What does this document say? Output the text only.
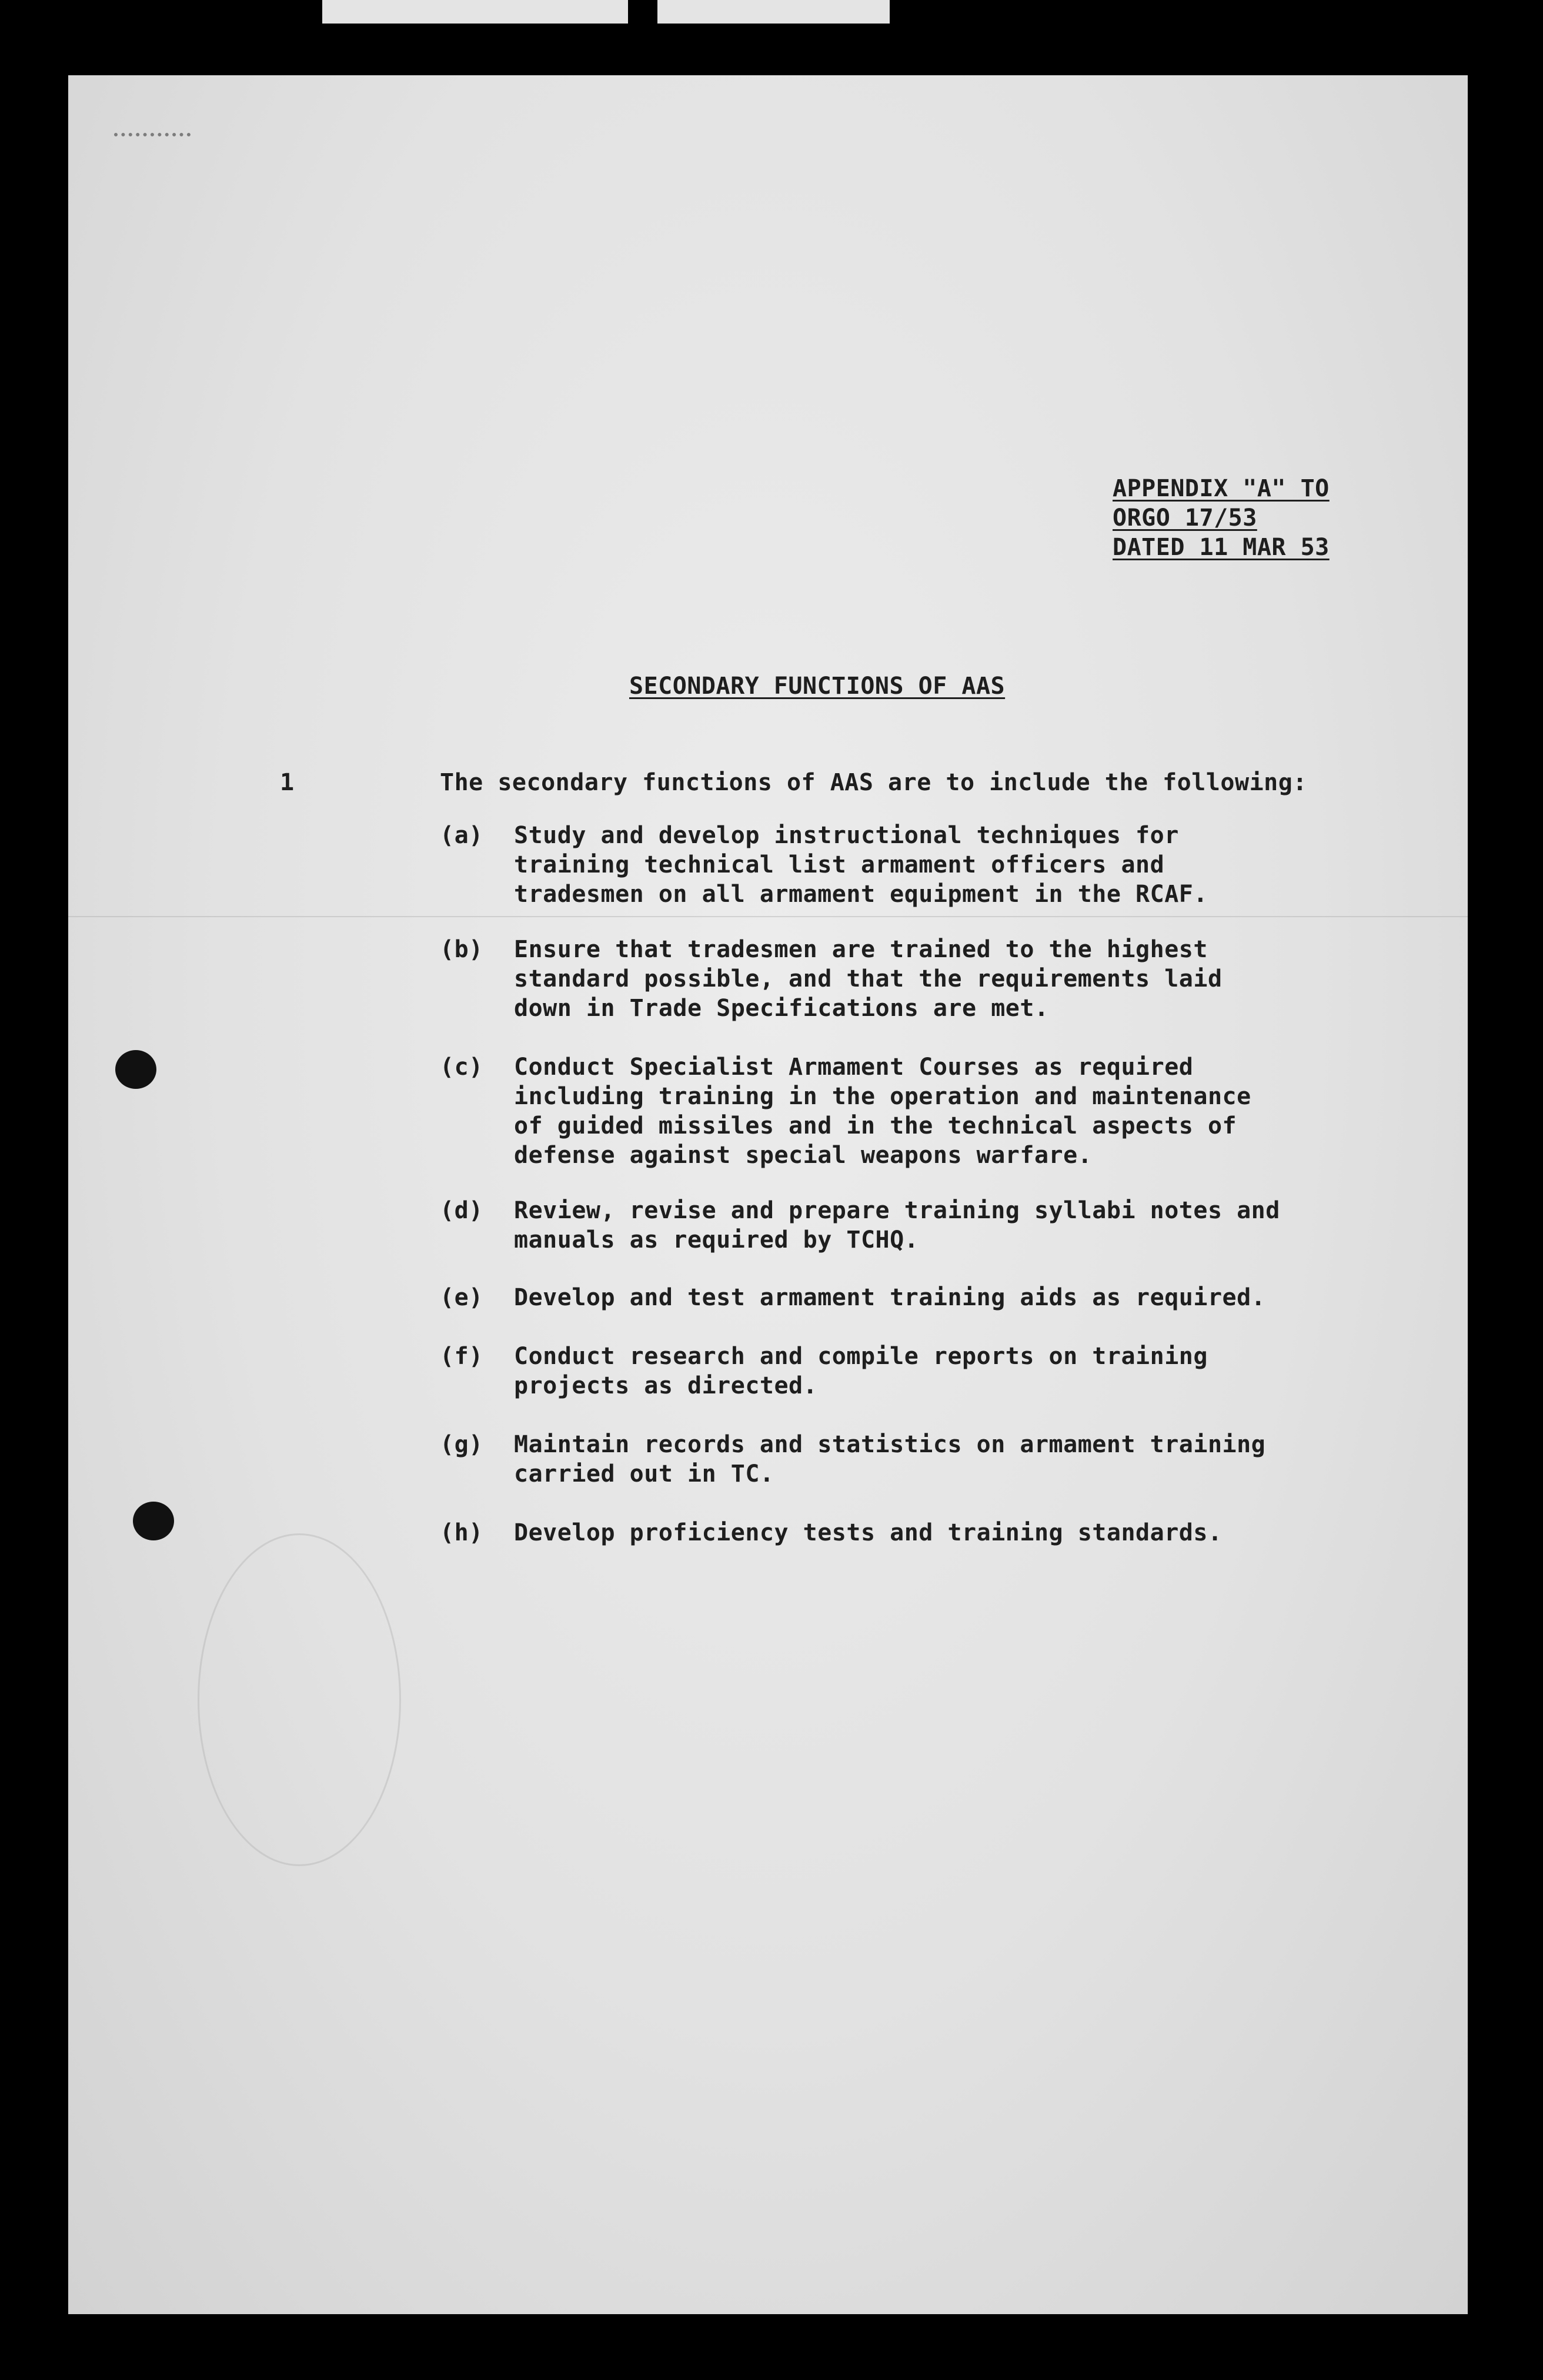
APPENDIX "A" TO
ORGO 17/53
DATED 11 MAR 53
SECONDARY FUNCTIONS OF AAS
1	The secondary functions of AAS are to include the following:
(a)	Study and develop instructional techniques for
training technical list armament officers and
tradesmen on all armament equipment in the RCAF.
(b)	Ensure that tradesmen are trained to the highest
standard possible, and that the requirements laid
down in Trade Specifications are met.
(c)	Conduct Specialist Armament Courses as required
including training in the operation and maintenance
of guided missiles and in the technical aspects of
defense against special weapons warfare.
(d)	Review, revise and prepare training syllabi notes and
manuals as required by TCHQ.
(e)	Develop and test armament training aids as required.
(f)	Conduct research and compile reports on training
projects as directed.
(g)	Maintain records and statistics on armament training
carried out in TC.
(h)	Develop proficiency tests and training standards.
